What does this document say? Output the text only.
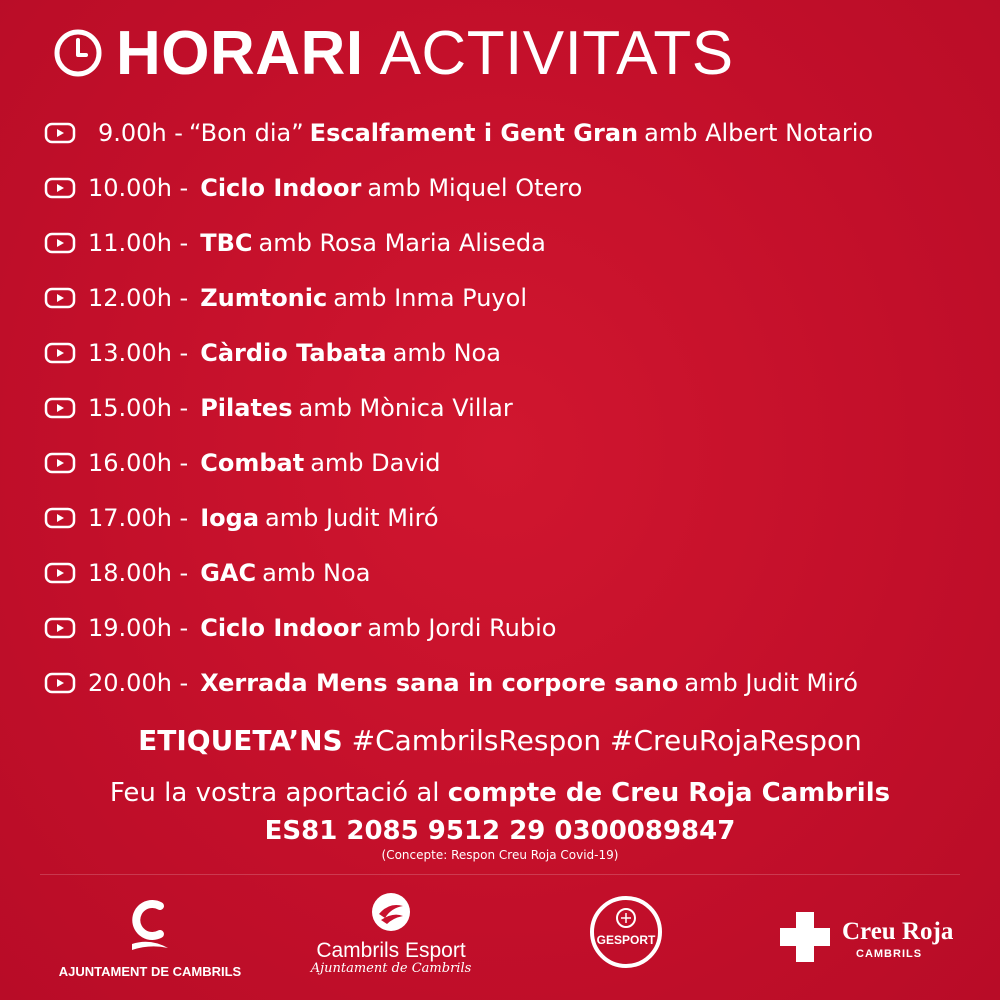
HORARI ACTIVITATS
9.00h - “Bon dia” Escalfament i Gent Gran amb Albert Notario
10.00h - Ciclo Indoor amb Miquel Otero
11.00h - TBC amb Rosa Maria Aliseda
12.00h - Zumtonic amb Inma Puyol
13.00h - Càrdio Tabata amb Noa
15.00h - Pilates amb Mònica Villar
16.00h - Combat amb David
17.00h - Ioga amb Judit Miró
18.00h - GAC amb Noa
19.00h - Ciclo Indoor amb Jordi Rubio
20.00h - Xerrada Mens sana in corpore sano amb Judit Miró
ETIQUETA’NS #CambrilsRespon #CreuRojaRespon
Feu la vostra aportació al compte de Creu Roja Cambrils
ES81 2085 9512 29 0300089847
(Concepte: Respon Creu Roja Covid-19)
AJUNTAMENT DE CAMBRILS
Cambrils Esport
Ajuntament de Cambrils
GESPORT	Creu Roja
CAMBRILS
